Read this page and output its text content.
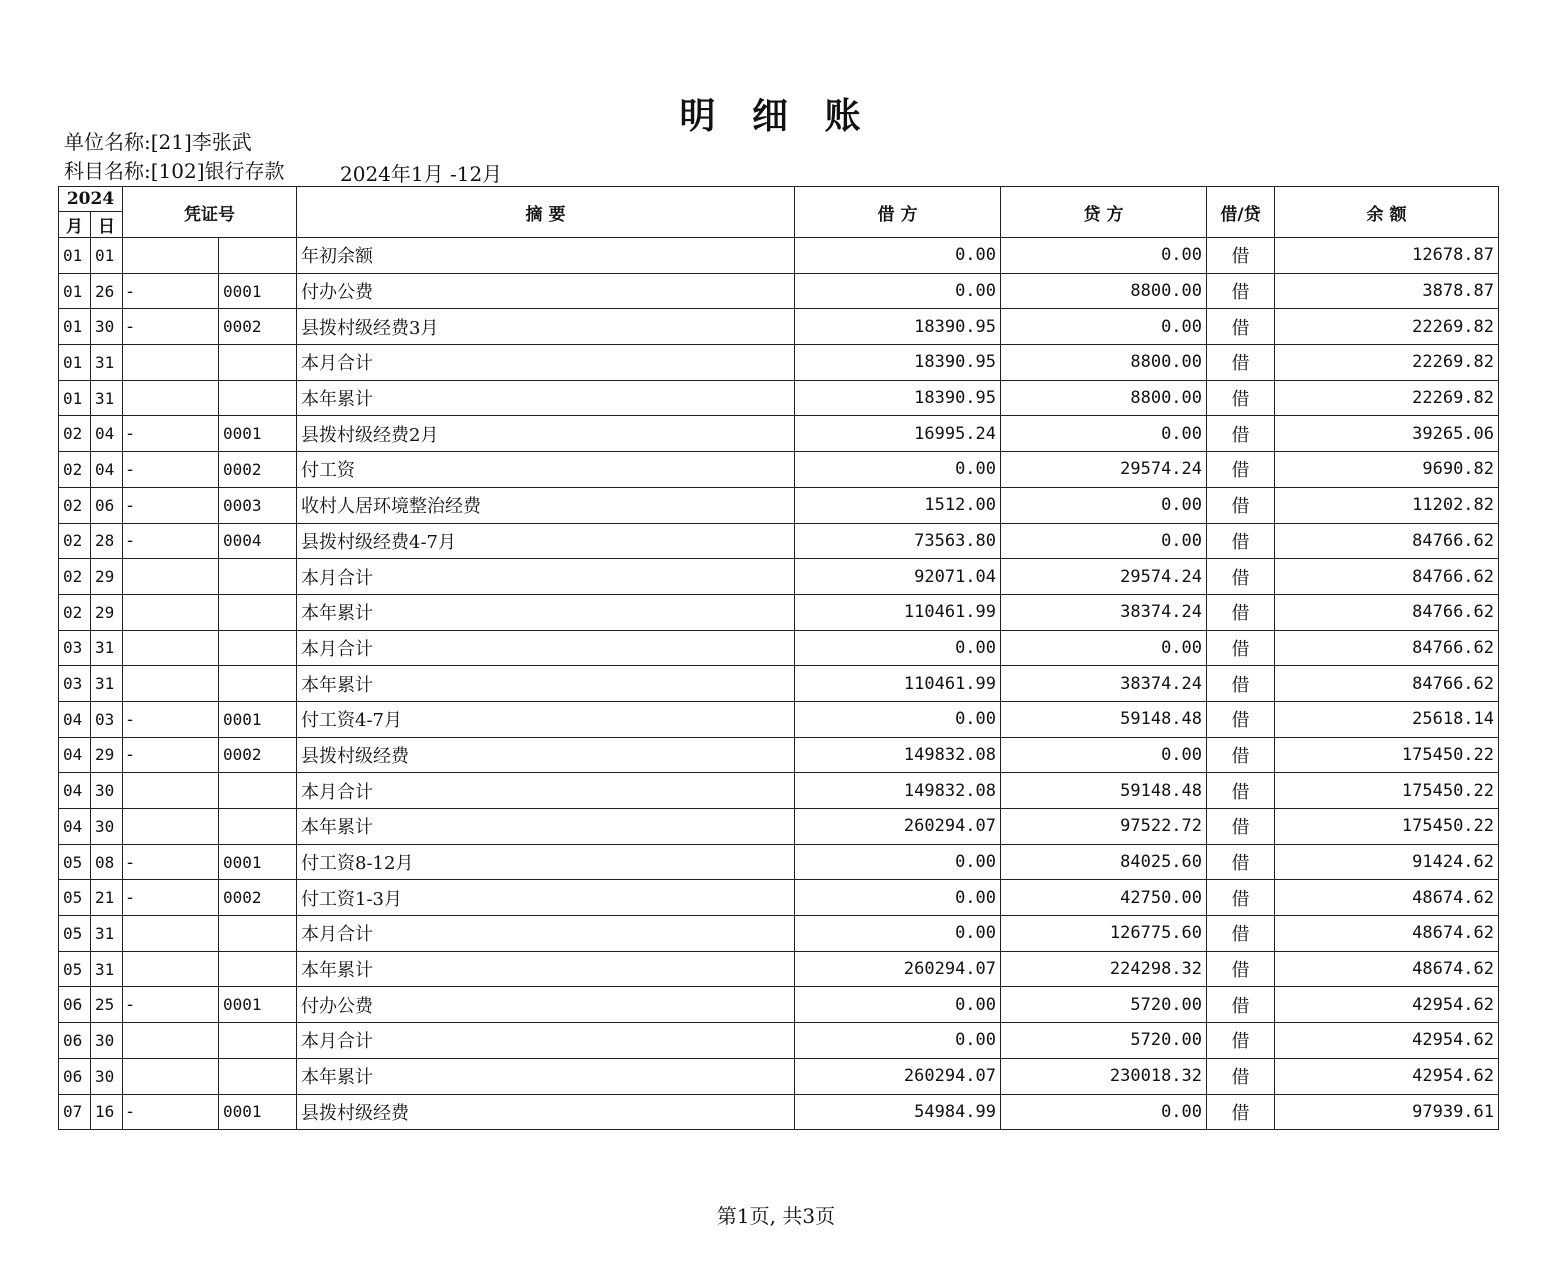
明 细 账
单位名称:[21]李张武
科目名称:[102]银行存款	2024年1月 -12月
2024		凭证号		摘 要	借 方	贷 方	借/贷	余 额
月	日							
01	01			年初余额	0.00	0.00	借	12678.87
01	26	-	0001	付办公费	0.00	8800.00	借	3878.87
01	30	-	0002	县拨村级经费3月	18390.95	0.00	借	22269.82
01	31			本月合计	18390.95	8800.00	借	22269.82
01	31			本年累计	18390.95	8800.00	借	22269.82
02	04	-	0001	县拨村级经费2月	16995.24	0.00	借	39265.06
02	04	-	0002	付工资	0.00	29574.24	借	9690.82
02	06	-	0003	收村人居环境整治经费	1512.00	0.00	借	11202.82
02	28	-	0004	县拨村级经费4-7月	73563.80	0.00	借	84766.62
02	29			本月合计	92071.04	29574.24	借	84766.62
02	29			本年累计	110461.99	38374.24	借	84766.62
03	31			本月合计	0.00	0.00	借	84766.62
03	31			本年累计	110461.99	38374.24	借	84766.62
04	03	-	0001	付工资4-7月	0.00	59148.48	借	25618.14
04	29	-	0002	县拨村级经费	149832.08	0.00	借	175450.22
04	30			本月合计	149832.08	59148.48	借	175450.22
04	30			本年累计	260294.07	97522.72	借	175450.22
05	08	-	0001	付工资8-12月	0.00	84025.60	借	91424.62
05	21	-	0002	付工资1-3月	0.00	42750.00	借	48674.62
05	31			本月合计	0.00	126775.60	借	48674.62
05	31			本年累计	260294.07	224298.32	借	48674.62
06	25	-	0001	付办公费	0.00	5720.00	借	42954.62
06	30			本月合计	0.00	5720.00	借	42954.62
06	30			本年累计	260294.07	230018.32	借	42954.62
07	16	-	0001	县拨村级经费	54984.99	0.00	借	97939.61
第1页, 共3页
